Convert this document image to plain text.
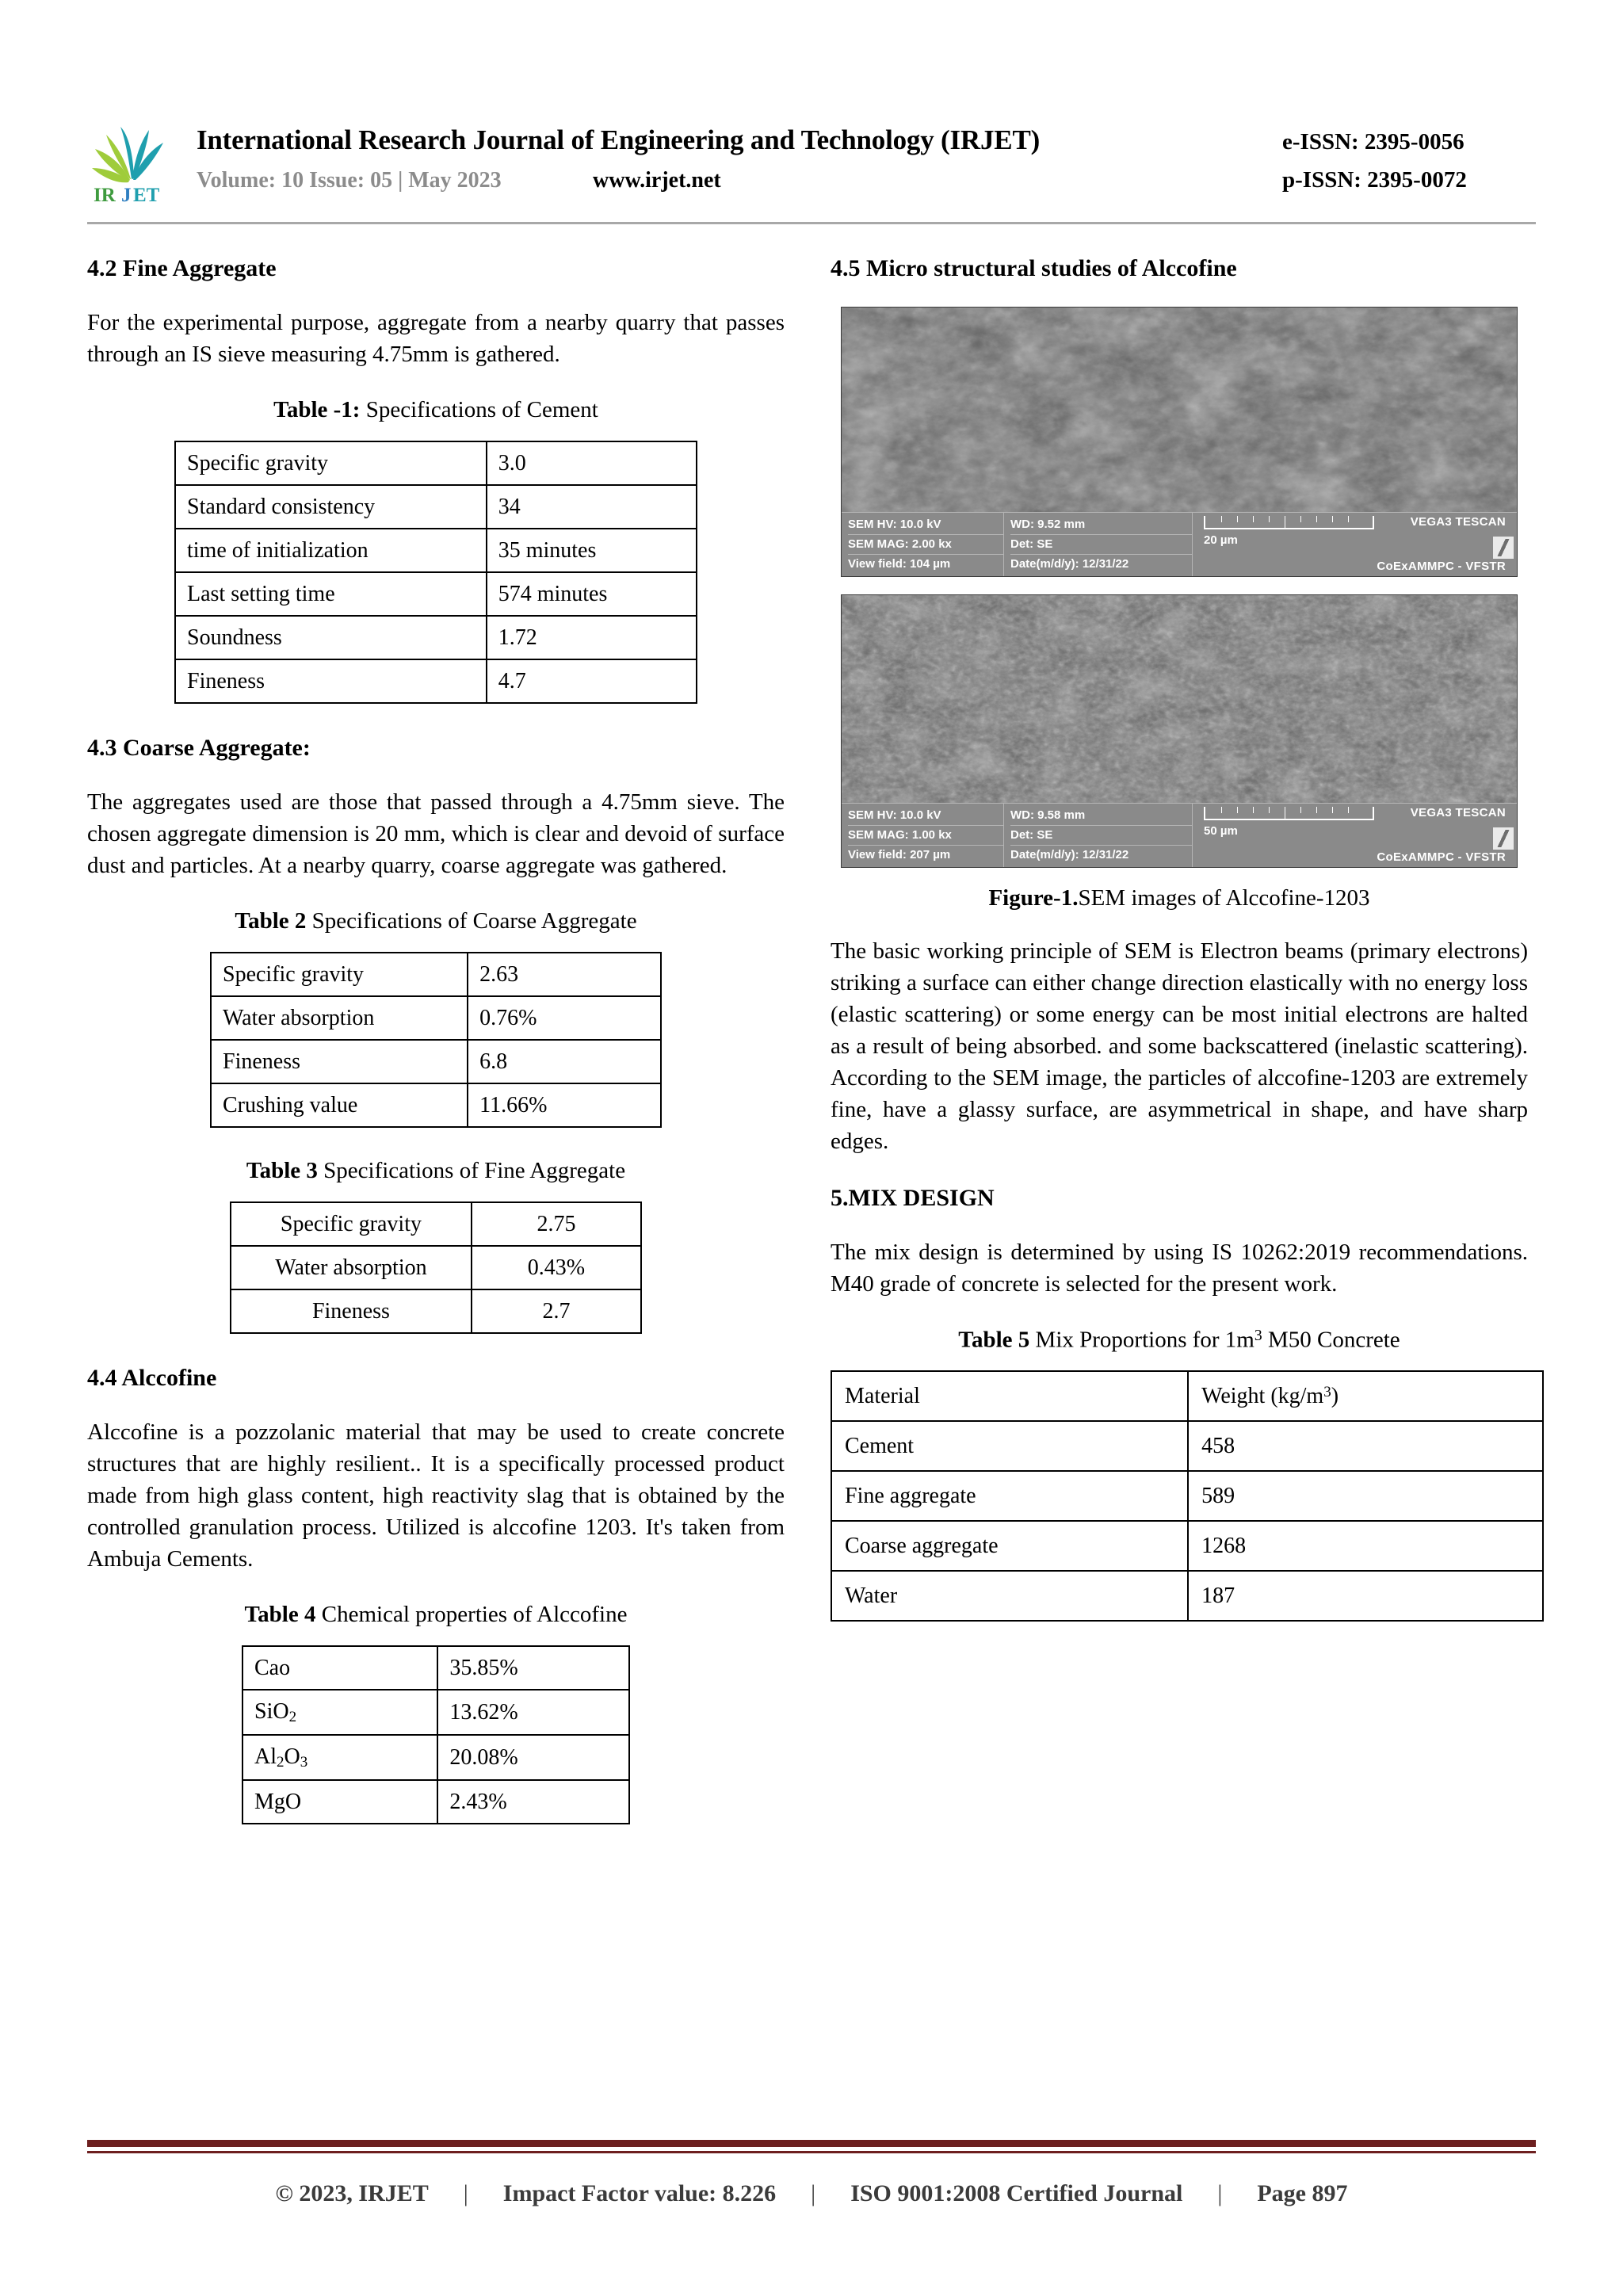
IR J ET
International Research Journal of Engineering and Technology (IRJET)	e-ISSN: 2395-0056
Volume: 10 Issue: 05 | May 2023	www.irjet.net	p-ISSN: 2395-0072
4.2 Fine Aggregate

For the experimental purpose, aggregate from a nearby quarry that passes through an IS sieve measuring 4.75mm is gathered.

Table -1: Specifications of Cement
Specific gravity	3.0
Standard consistency	34
time of initialization	35 minutes
Last setting time	574 minutes
Soundness	1.72
Fineness	4.7
4.3 Coarse Aggregate:

The aggregates used are those that passed through a 4.75mm sieve. The chosen aggregate dimension is 20 mm, which is clear and devoid of surface dust and particles. At a nearby quarry, coarse aggregate was gathered.

Table 2 Specifications of Coarse Aggregate
Specific gravity	2.63
Water absorption	0.76%
Fineness	6.8
Crushing value	11.66%
Table 3 Specifications of Fine Aggregate
Specific gravity	2.75
Water absorption	0.43%
Fineness	2.7
4.4 Alccofine

Alccofine is a pozzolanic material that may be used to create concrete structures that are highly resilient.. It is a specifically processed product made from high glass content, high reactivity slag that is obtained by the controlled granulation process. Utilized is alccofine 1203. It's taken from Ambuja Cements.

Table 4 Chemical properties of Alccofine
Cao	35.85%
SiO$_2$	13.62%
$Al_2O_3$	20.08%
MgO	2.43%
4.5 Micro structural studies of Alccofine
SEM HV: 10.0 kV
SEM MAG: 2.00 kx
View field: 104 µm
WD: 9.52 mm
Det: SE
Date(m/d/y): 12/31/22
20 µm
VEGA3 TESCAN
CoExAMMPC - VFSTR
SEM HV: 10.0 kV
SEM MAG: 1.00 kx
View field: 207 µm
WD: 9.58 mm
Det: SE
Date(m/d/y): 12/31/22
50 µm
VEGA3 TESCAN
CoExAMMPC - VFSTR
Figure-1.SEM images of Alccofine-1203

The basic working principle of SEM is Electron beams (primary electrons) striking a surface can either change direction elastically with no energy loss (elastic scattering) or some energy can be most initial electrons are halted as a result of being absorbed. and some backscattered (inelastic scattering). According to the SEM image, the particles of alccofine-1203 are extremely fine, have a glassy surface, are asymmetrical in shape, and have sharp edges.

5.MIX DESIGN

The mix design is determined by using IS 10262:2019 recommendations. M40 grade of concrete is selected for the present work.

Table 5 Mix Proportions for $1m^3$ M50 Concrete
Material	Weight $(kg/m^3)$
Cement	458
Fine aggregate	589
Coarse aggregate	1268
Water	187
© 2023, IRJET	|	Impact Factor value: 8.226	|	ISO 9001:2008 Certified Journal	|	Page 897
